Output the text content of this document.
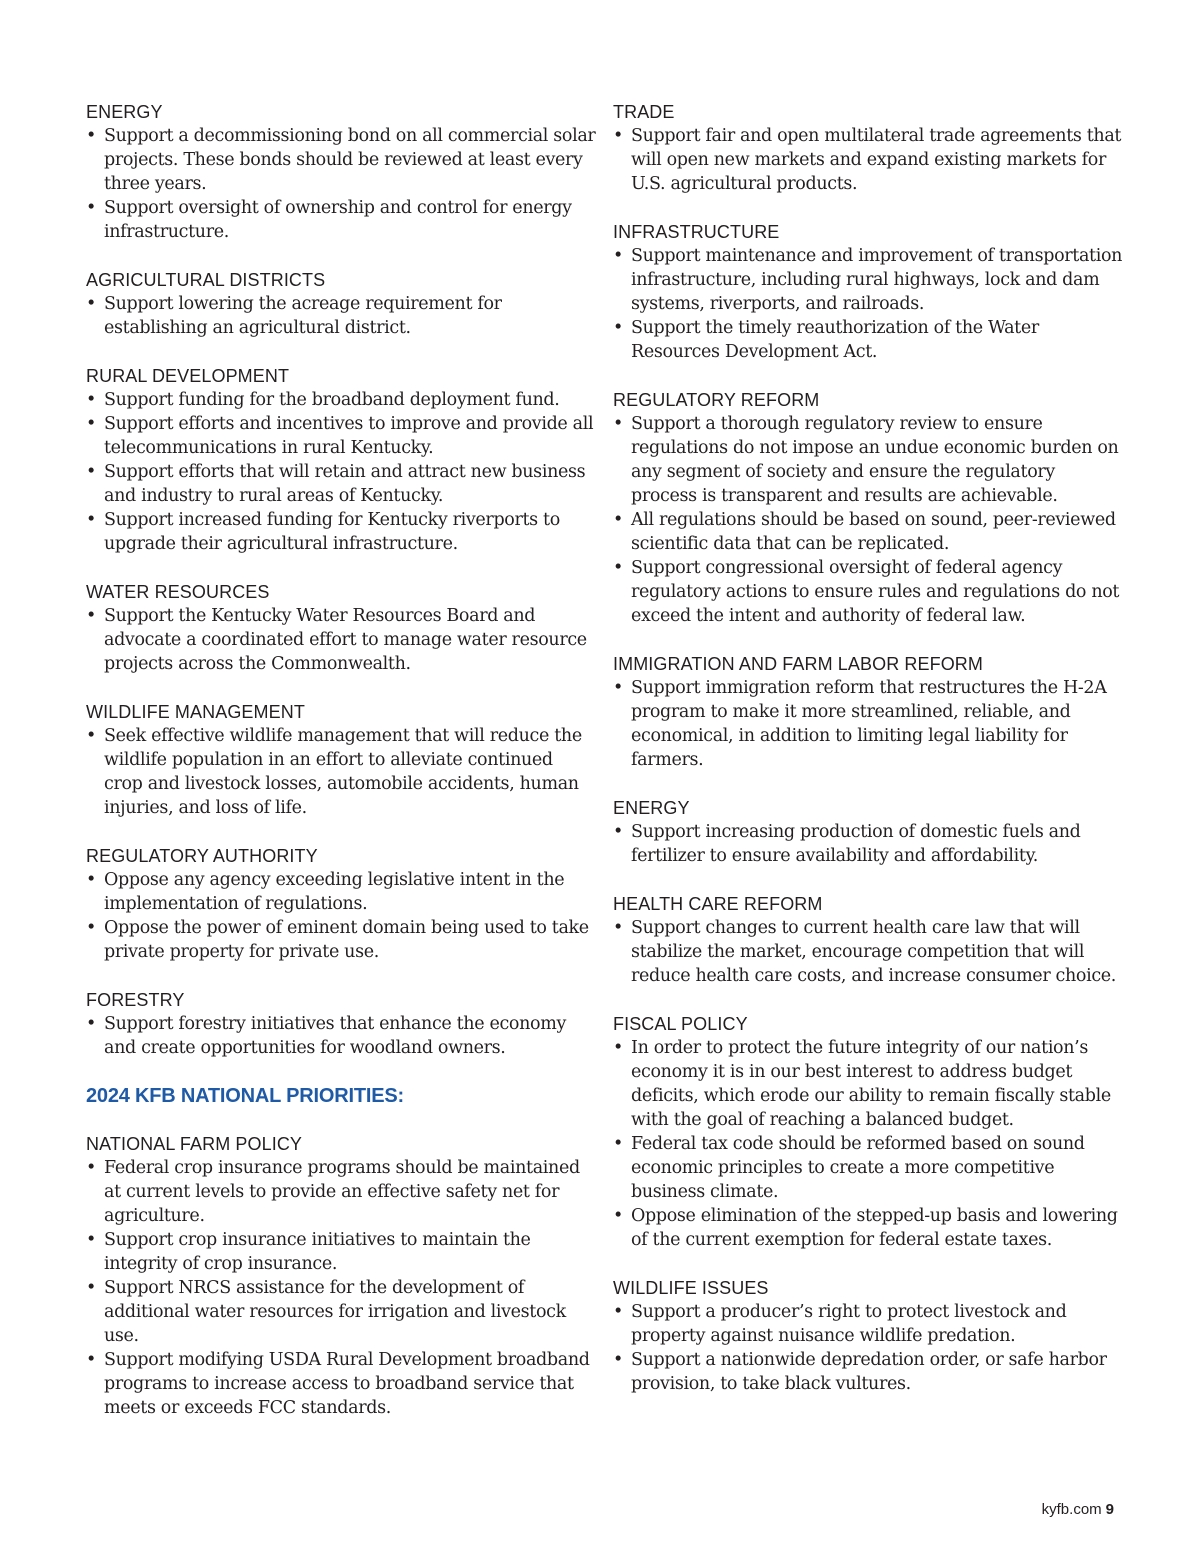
ENERGY
• Support a decommissioning bond on all commercial solar projects. These bonds should be reviewed at least every three years.
• Support oversight of ownership and control for energy infrastructure.
AGRICULTURAL DISTRICTS
• Support lowering the acreage requirement for establishing an agricultural district.
RURAL DEVELOPMENT
• Support funding for the broadband deployment fund.
• Support efforts and incentives to improve and provide all telecommunications in rural Kentucky.
• Support efforts that will retain and attract new business and industry to rural areas of Kentucky.
• Support increased funding for Kentucky riverports to upgrade their agricultural infrastructure.
WATER RESOURCES
• Support the Kentucky Water Resources Board and advocate a coordinated effort to manage water resource projects across the Commonwealth.
WILDLIFE MANAGEMENT
• Seek effective wildlife management that will reduce the wildlife population in an effort to alleviate continued crop and livestock losses, automobile accidents, human injuries, and loss of life.
REGULATORY AUTHORITY
• Oppose any agency exceeding legislative intent in the implementation of regulations.
• Oppose the power of eminent domain being used to take private property for private use.
FORESTRY
• Support forestry initiatives that enhance the economy and create opportunities for woodland owners.
2024 KFB NATIONAL PRIORITIES:
NATIONAL FARM POLICY
• Federal crop insurance programs should be maintained at current levels to provide an effective safety net for agriculture.
• Support crop insurance initiatives to maintain the integrity of crop insurance.
• Support NRCS assistance for the development of additional water resources for irrigation and livestock use.
• Support modifying USDA Rural Development broadband programs to increase access to broadband service that meets or exceeds FCC standards.
TRADE
• Support fair and open multilateral trade agreements that will open new markets and expand existing markets for U.S. agricultural products.
INFRASTRUCTURE
• Support maintenance and improvement of transportation infrastructure, including rural highways, lock and dam systems, riverports, and railroads.
• Support the timely reauthorization of the Water Resources Development Act.
REGULATORY REFORM
• Support a thorough regulatory review to ensure regulations do not impose an undue economic burden on any segment of society and ensure the regulatory process is transparent and results are achievable.
• All regulations should be based on sound, peer-reviewed scientific data that can be replicated.
• Support congressional oversight of federal agency regulatory actions to ensure rules and regulations do not exceed the intent and authority of federal law.
IMMIGRATION AND FARM LABOR REFORM
• Support immigration reform that restructures the H-2A program to make it more streamlined, reliable, and economical, in addition to limiting legal liability for farmers.
ENERGY
• Support increasing production of domestic fuels and fertilizer to ensure availability and affordability.
HEALTH CARE REFORM
• Support changes to current health care law that will stabilize the market, encourage competition that will reduce health care costs, and increase consumer choice.
FISCAL POLICY
• In order to protect the future integrity of our nation’s economy it is in our best interest to address budget deficits, which erode our ability to remain fiscally stable with the goal of reaching a balanced budget.
• Federal tax code should be reformed based on sound economic principles to create a more competitive business climate.
• Oppose elimination of the stepped-up basis and lowering of the current exemption for federal estate taxes.
WILDLIFE ISSUES
• Support a producer’s right to protect livestock and property against nuisance wildlife predation.
• Support a nationwide depredation order, or safe harbor provision, to take black vultures.
kyfb.com 9
